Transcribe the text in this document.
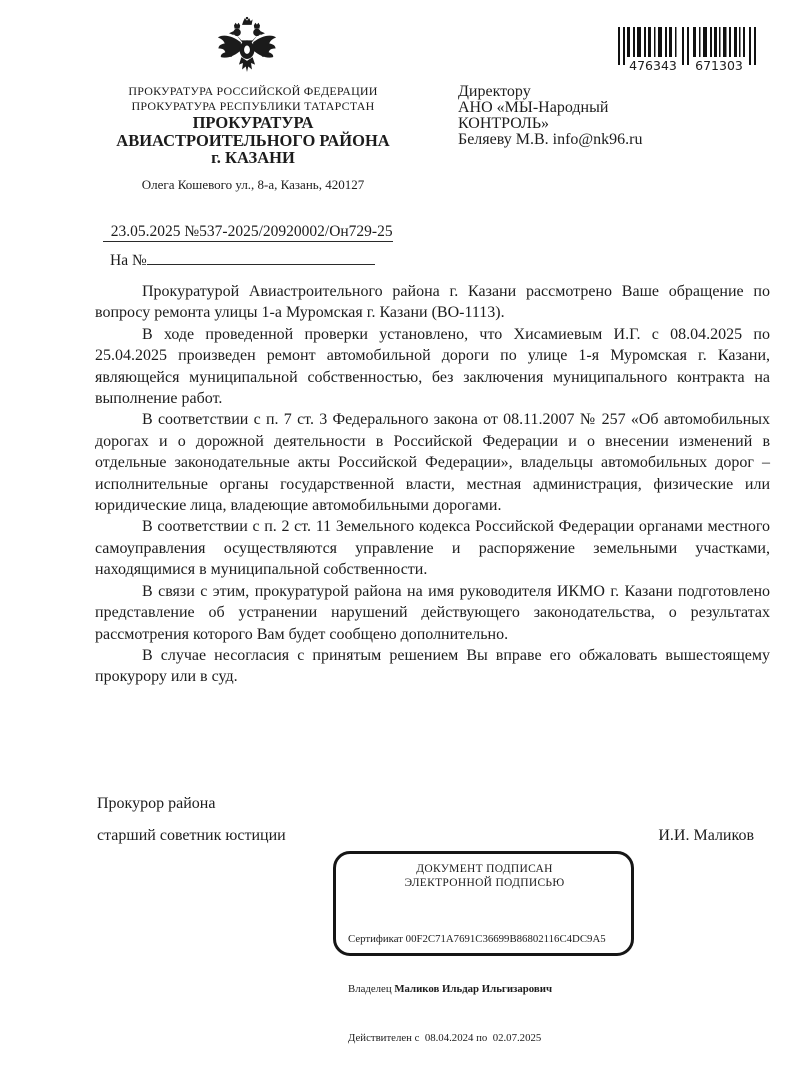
ПРОКУРАТУРА РОССИЙСКОЙ ФЕДЕРАЦИИ
ПРОКУРАТУРА РЕСПУБЛИКИ ТАТАРСТАН
ПРОКУРАТУРА
АВИАСТРОИТЕЛЬНОГО РАЙОНА
г. КАЗАНИ
Олега Кошевого ул., 8-а, Казань, 420127
476343 671303
Директору
АНО «МЫ-Народный
КОНТРОЛЬ»
Беляеву М.В. info@nk96.ru
23.05.2025 №537-2025/20920002/Он729-25
На №

Прокуратурой Авиастроительного района г. Казани рассмотрено Ваше обращение по вопросу ремонта улицы 1-а Муромская г. Казани (ВО-1113).

В ходе проведенной проверки установлено, что Хисамиевым И.Г. с 08.04.2025 по 25.04.2025 произведен ремонт автомобильной дороги по улице 1-я Муромская г. Казани, являющейся муниципальной собственностью, без заключения муниципального контракта на выполнение работ.

В соответствии с п. 7 ст. 3 Федерального закона от 08.11.2007 № 257 «Об автомобильных дорогах и о дорожной деятельности в Российской Федерации и о внесении изменений в отдельные законодательные акты Российской Федерации», владельцы автомобильных дорог – исполнительные органы государственной власти, местная администрация, физические или юридические лица, владеющие автомобильными дорогами.

В соответствии с п. 2 ст. 11 Земельного кодекса Российской Федерации органами местного самоуправления осуществляются управление и распоряжение земельными участками, находящимися в муниципальной собственности.

В связи с этим, прокуратурой района на имя руководителя ИКМО г. Казани подготовлено представление об устранении нарушений действующего законодательства, о результатах рассмотрения которого Вам будет сообщено дополнительно.

В случае несогласия с принятым решением Вы вправе его обжаловать вышестоящему прокурору или в суд.

Прокурор района
старший советник юстиции	И.И. Маликов
ДОКУМЕНТ ПОДПИСАН
ЭЛЕКТРОННОЙ ПОДПИСЬЮ

Сертификат 00F2C71A7691C36699B86802116C4DC9A5

Владелец Маликов Ильдар Ильгизарович

Действителен с  08.04.2024 по  02.07.2025
